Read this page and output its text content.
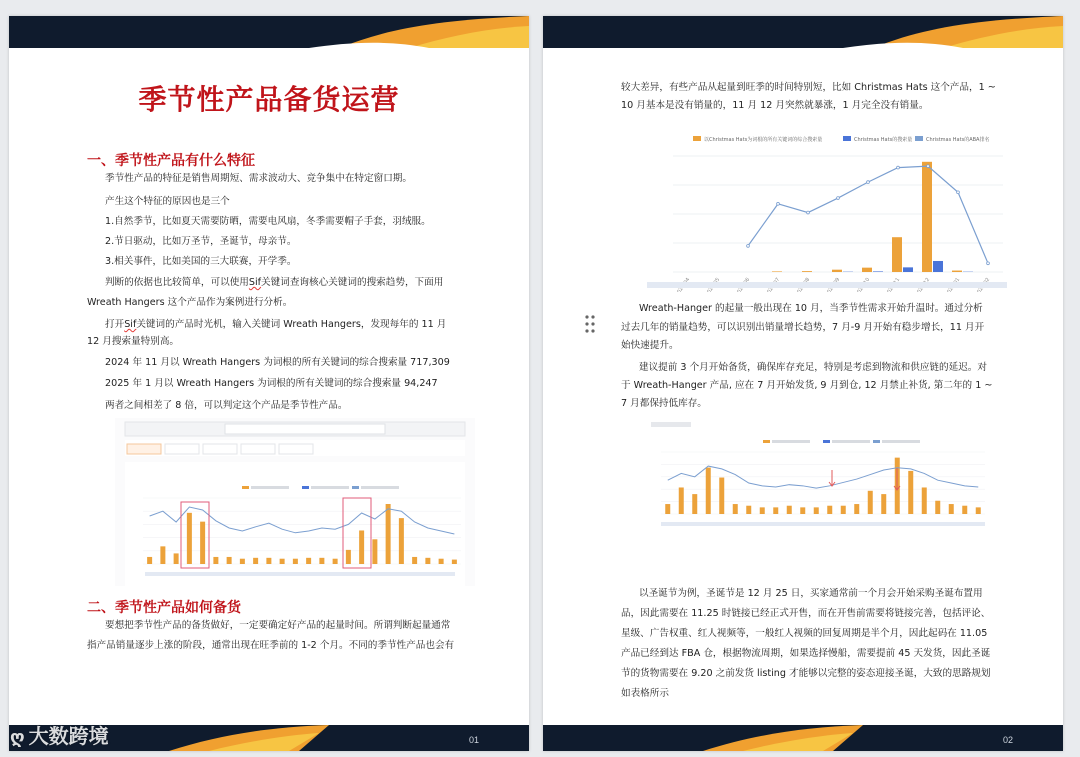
季节性产品备货运营
一、季节性产品有什么特征
季节性产品的特征是销售周期短、需求波动大、竞争集中在特定窗口期。
产生这个特征的原因也是三个
1.自然季节，比如夏天需要防晒，需要电风扇，冬季需要帽子手套，羽绒服。
2.节日驱动，比如万圣节，圣诞节，母亲节。
3.相关事件，比如美国的三大联赛，开学季。
判断的依据也比较简单，可以使用Sif关键词查询核心关键词的搜索趋势，下面用
Wreath Hangers 这个产品作为案例进行分析。
打开Sif关键词的产品时光机，输入关键词 Wreath Hangers，发现每年的 11 月
12 月搜索量特别高。
2024 年 11 月以 Wreath Hangers 为词根的所有关键词的综合搜索量 717,309
2025 年 1 月以 Wreath Hangers 为词根的所有关键词的综合搜索量 94,247
两者之间相差了 8 倍，可以判定这个产品是季节性产品。
二、季节性产品如何备货
要想把季节性产品的备货做好，一定要确定好产品的起量时间。所谓判断起量通常
指产品销量逐步上涨的阶段，通常出现在旺季前的 1-2 个月。不同的季节性产品也会有
01
较大差异，有些产品从起量到旺季的时间特别短，比如 Christmas Hats 这个产品，1 ~
10 月基本是没有销量的，11 月 12 月突然就暴涨，1 月完全没有销量。
以Christmas Hats为词根的所有关键词的综合搜索量	Christmas Hats的搜索量	Christmas Hats的ABA排名
Wreath-Hanger 的起量一般出现在 10 月，当季节性需求开始升温时。通过分析
过去几年的销量趋势，可以识别出销量增长趋势，7 月-9 月开始有稳步增长，11 月开
始快速提升。
建议提前 3 个月开始备货，确保库存充足，特别是考虑到物流和供应链的延迟。对
于 Wreath-Hanger 产品, 应在 7 月开始发货, 9 月到仓, 12 月禁止补货, 第二年的 1 ~
7 月都保持低库存。
以圣诞节为例，圣诞节是 12 月 25 日，买家通常前一个月会开始采购圣诞布置用
品，因此需要在 11.25 时链接已经正式开售，而在开售前需要将链接完善，包括评论、
星级、广告权重、红人视频等，一般红人视频的回复周期是半个月，因此起码在 11.05
产品已经到达 FBA 仓，根据物流周期，如果选择慢船，需要提前 45 天发货，因此圣诞
节的货物需要在 9.20 之前发货 listing 才能够以完整的姿态迎接圣诞，大致的思路规划
如表格所示
02
ღ 大数跨境
